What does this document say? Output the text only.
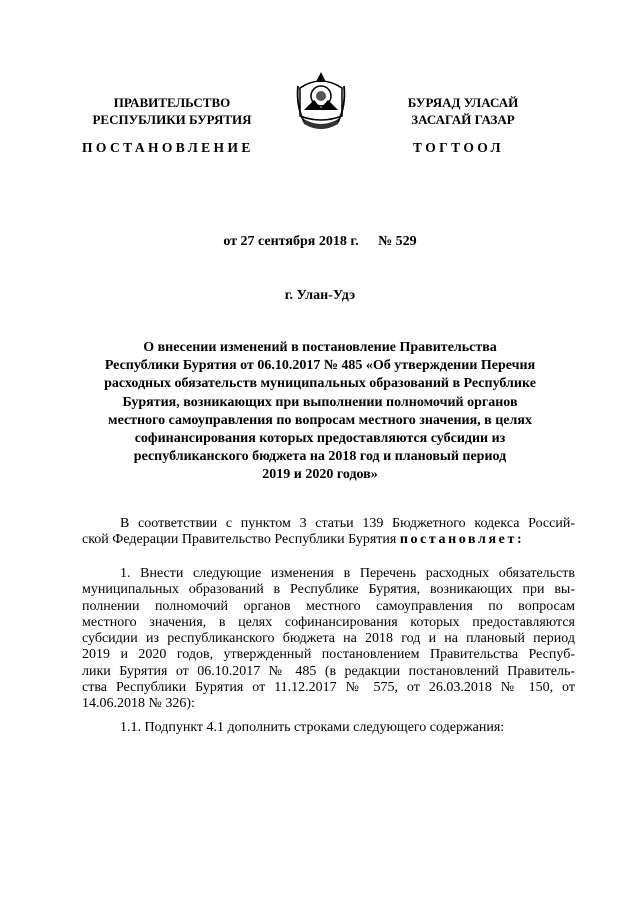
ПРАВИТЕЛЬСТВО
РЕСПУБЛИКИ БУРЯТИЯ
БУРЯАД УЛАСАЙ
ЗАСАГАЙ ГАЗАР
ПОСТАНОВЛЕНИЕ	ТОГТООЛ
от 27 сентября 2018 г. № 529
г. Улан-Удэ
О внесении изменений в постановление Правительства
Республики Бурятия от 06.10.2017 № 485 «Об утверждении Перечня
расходных обязательств муниципальных образований в Республике
Бурятия, возникающих при выполнении полномочий органов
местного самоуправления по вопросам местного значения, в целях
софинансирования которых предоставляются субсидии из
республиканского бюджета на 2018 год и плановый период
2019 и 2020 годов»
В соответствии с пунктом 3 статьи 139 Бюджетного кодекса Россий-
ской Федерации Правительство Республики Бурятия постановляет:
1. Внести следующие изменения в Перечень расходных обязательств
муниципальных образований в Республике Бурятия, возникающих при вы-
полнении полномочий органов местного самоуправления по вопросам
местного значения, в целях софинансирования которых предоставляются
субсидии из республиканского бюджета на 2018 год и на плановый период
2019 и 2020 годов, утвержденный постановлением Правительства Респуб-
лики Бурятия от 06.10.2017 № 485 (в редакции постановлений Правитель-
ства Республики Бурятия от 11.12.2017 № 575, от 26.03.2018 № 150, от
14.06.2018 № 326):
1.1. Подпункт 4.1 дополнить строками следующего содержания:
